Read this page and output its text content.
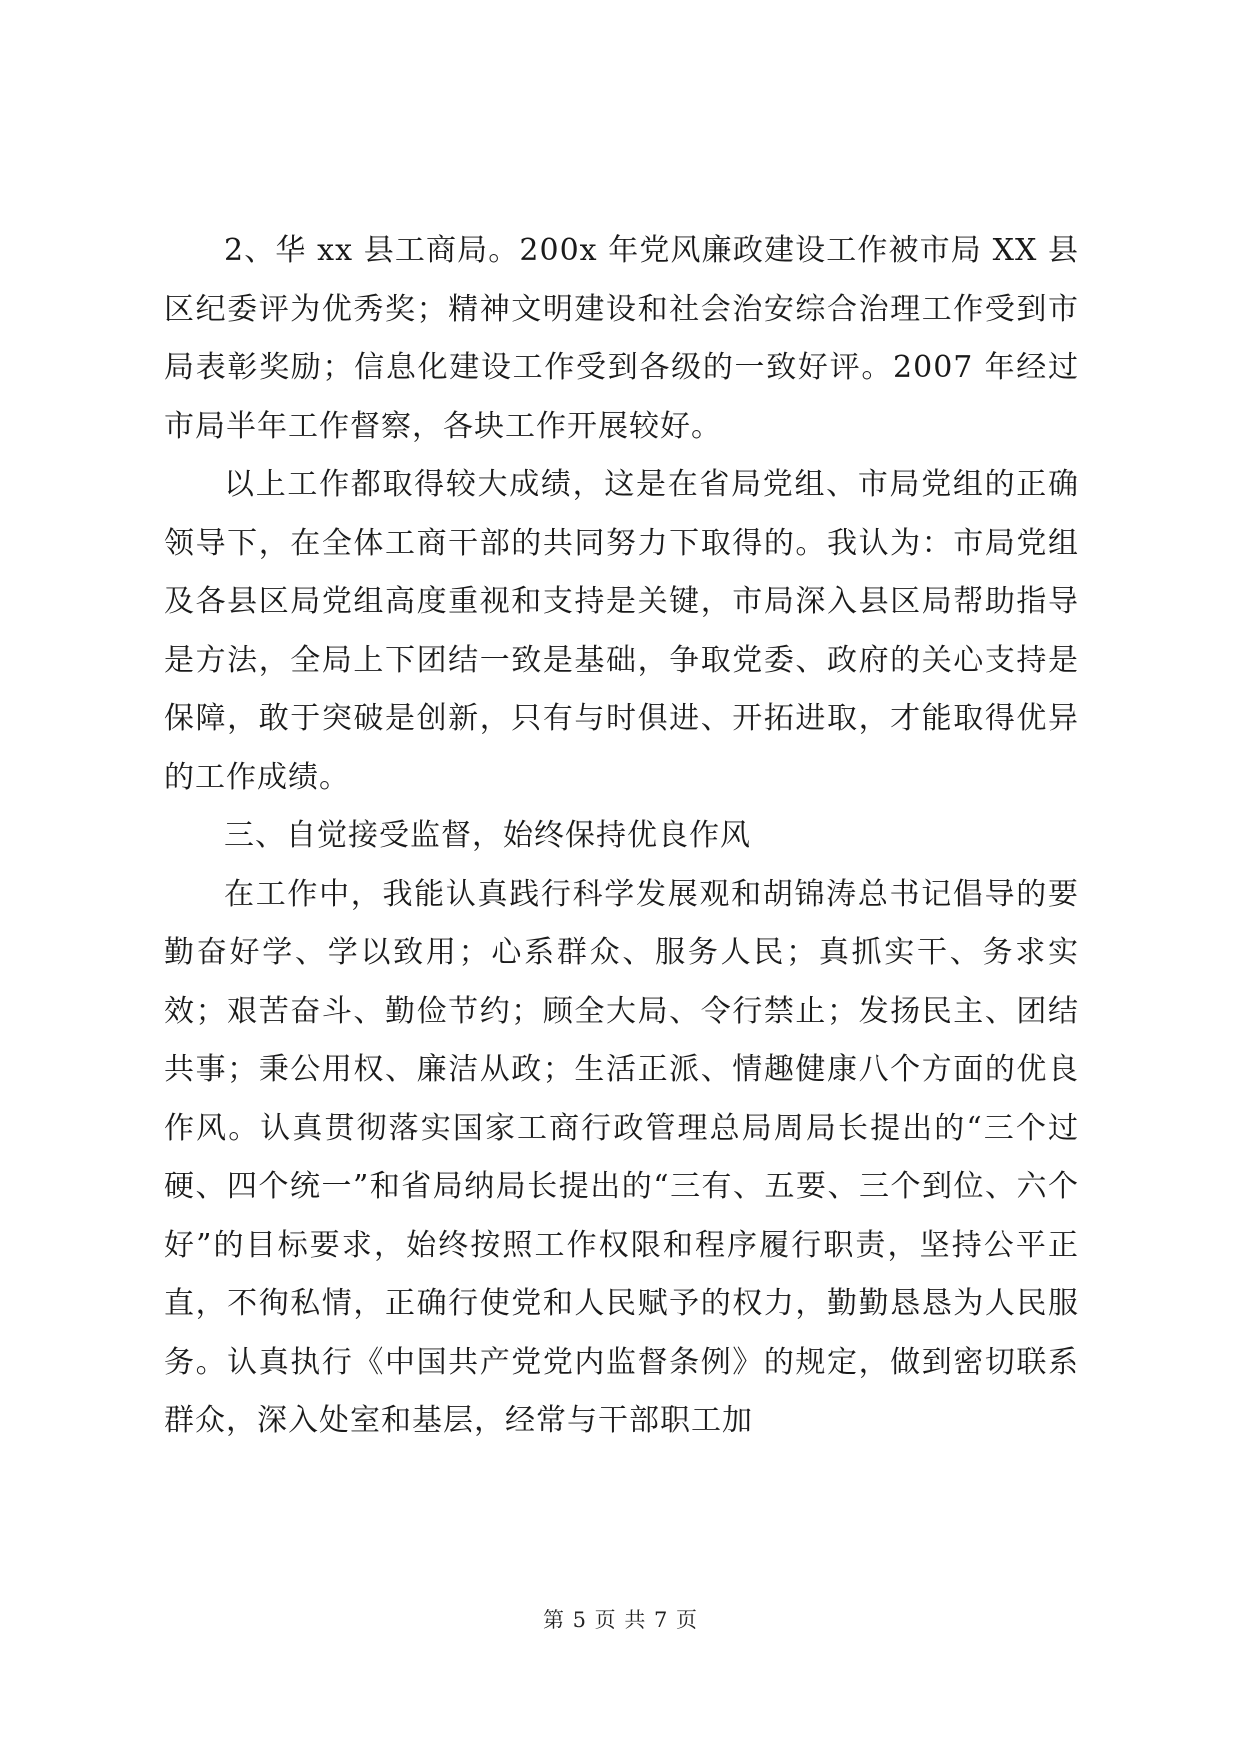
2、华 xx 县工商局。200x 年党风廉政建设工作被市局 XX 县区纪委评为优秀奖；精神文明建设和社会治安综合治理工作受到市局表彰奖励；信息化建设工作受到各级的一致好评。2007 年经过市局半年工作督察，各块工作开展较好。

以上工作都取得较大成绩，这是在省局党组、市局党组的正确领导下，在全体工商干部的共同努力下取得的。我认为：市局党组及各县区局党组高度重视和支持是关键，市局深入县区局帮助指导是方法，全局上下团结一致是基础，争取党委、政府的关心支持是保障，敢于突破是创新，只有与时俱进、开拓进取，才能取得优异的工作成绩。

三、自觉接受监督，始终保持优良作风

在工作中，我能认真践行科学发展观和胡锦涛总书记倡导的要勤奋好学、学以致用；心系群众、服务人民；真抓实干、务求实效；艰苦奋斗、勤俭节约；顾全大局、令行禁止；发扬民主、团结共事；秉公用权、廉洁从政；生活正派、情趣健康八个方面的优良作风。认真贯彻落实国家工商行政管理总局周局长提出的“三个过硬、四个统一”和省局纳局长提出的“三有、五要、三个到位、六个好”的目标要求，始终按照工作权限和程序履行职责，坚持公平正直，不徇私情，正确行使党和人民赋予的权力，勤勤恳恳为人民服务。认真执行《中国共产党党内监督条例》的规定，做到密切联系群众，深入处室和基层，经常与干部职工加

第 5 页 共 7 页
